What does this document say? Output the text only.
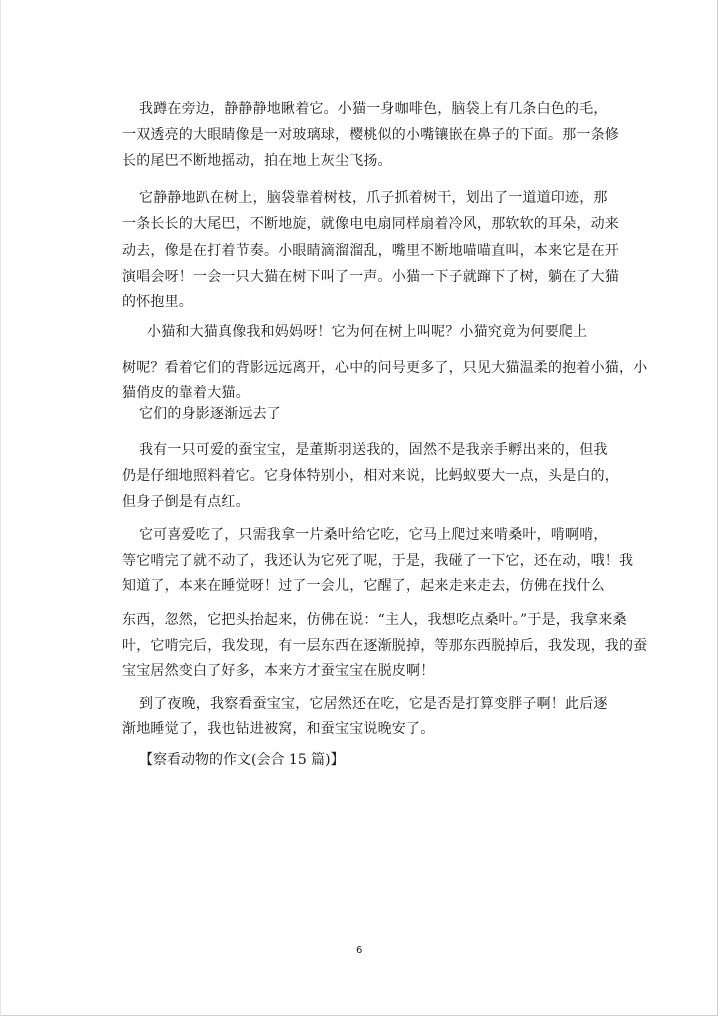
我蹲在旁边，静静静地瞅着它。小猫一身咖啡色，脑袋上有几条白色的毛，
一双透亮的大眼睛像是一对玻璃球，樱桃似的小嘴镶嵌在鼻子的下面。那一条修
长的尾巴不断地摇动，拍在地上灰尘飞扬。
它静静地趴在树上，脑袋靠着树枝，爪子抓着树干，划出了一道道印迹，那
一条长长的大尾巴，不断地旋，就像电电扇同样扇着冷风，那软软的耳朵，动来
动去，像是在打着节奏。小眼睛滴溜溜乱，嘴里不断地喵喵直叫，本来它是在开
演唱会呀！一会一只大猫在树下叫了一声。小猫一下子就蹿下了树，躺在了大猫
的怀抱里。
小猫和大猫真像我和妈妈呀！它为何在树上叫呢？小猫究竟为何要爬上
树呢？看着它们的背影远远离开，心中的问号更多了，只见大猫温柔的抱着小猫，小
猫俏皮的靠着大猫。
它们的身影逐渐远去了
我有一只可爱的蚕宝宝，是董斯羽送我的，固然不是我亲手孵出来的，但我
仍是仔细地照料着它。它身体特别小，相对来说，比蚂蚁要大一点，头是白的，
但身子倒是有点红。
它可喜爱吃了，只需我拿一片桑叶给它吃，它马上爬过来啃桑叶，啃啊啃，
等它啃完了就不动了，我还认为它死了呢，于是，我碰了一下它，还在动，哦！我
知道了，本来在睡觉呀！过了一会儿，它醒了，起来走来走去，仿佛在找什么
东西，忽然，它把头抬起来，仿佛在说：“主人，我想吃点桑叶。”于是，我拿来桑
叶，它啃完后，我发现，有一层东西在逐渐脱掉，等那东西脱掉后，我发现，我的蚕
宝宝居然变白了好多，本来方才蚕宝宝在脱皮啊！
到了夜晚，我察看蚕宝宝，它居然还在吃，它是否是打算变胖子啊！此后逐
渐地睡觉了，我也钻进被窝，和蚕宝宝说晚安了。
【察看动物的作文(会合 15 篇)】
6
